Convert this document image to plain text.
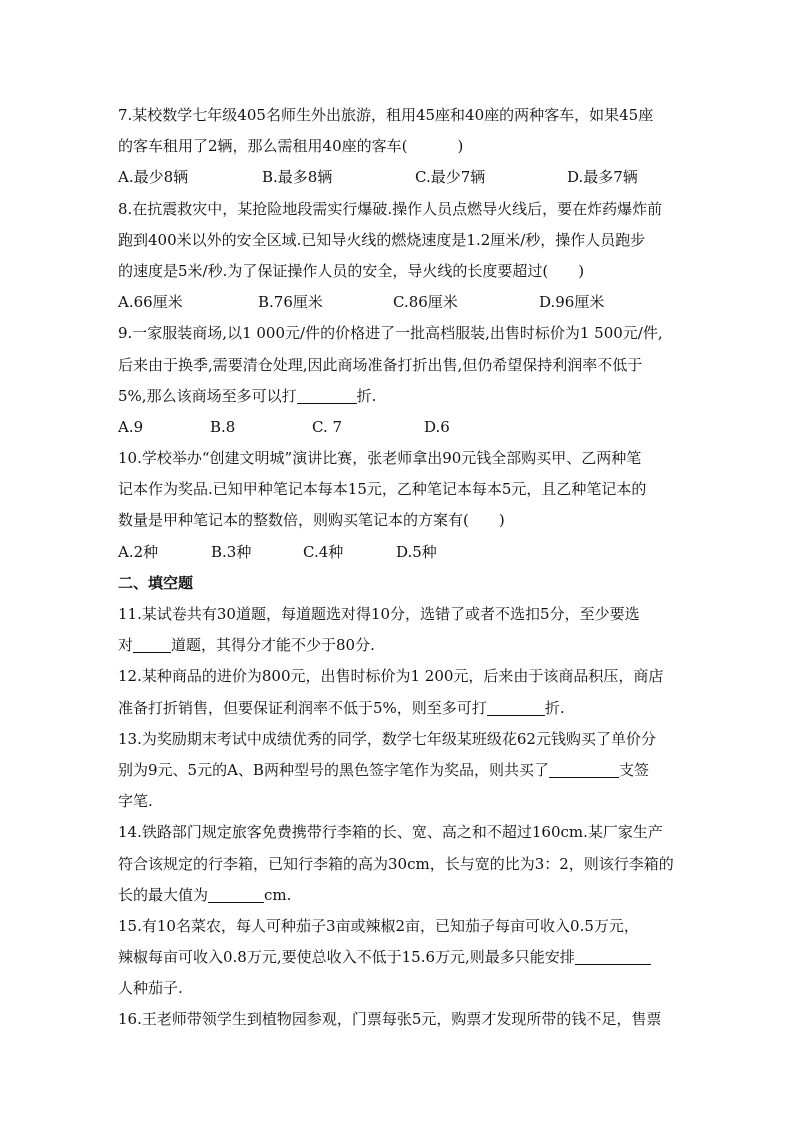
7.某校数学七年级405名师生外出旅游，租用45座和40座的两种客车，如果45座
的客车租用了2辆，那么需租用40座的客车(	)
A.最少8辆	B.最多8辆	C.最少7辆	D.最多7辆
8.在抗震救灾中，某抢险地段需实行爆破.操作人员点燃导火线后，要在炸药爆炸前
跑到400米以外的安全区域.已知导火线的燃烧速度是1.2厘米/秒，操作人员跑步
的速度是5米/秒.为了保证操作人员的安全，导火线的长度要超过( )
A.66厘米	B.76厘米	C.86厘米	D.96厘米
9.一家服装商场,以1 000元/件的价格进了一批高档服装,出售时标价为1 500元/件,
后来由于换季,需要清仓处理,因此商场准备打折出售,但仍希望保持利润率不低于
5%,那么该商场至多可以打	折.
A.9	B.8	C. 7	D.6
10.学校举办“创建文明城”演讲比赛，张老师拿出90元钱全部购买甲、乙两种笔
记本作为奖品.已知甲种笔记本每本15元，乙种笔记本每本5元，且乙种笔记本的
数量是甲种笔记本的整数倍，则购买笔记本的方案有( )
A.2种	B.3种	C.4种	D.5种
二、填空题
11.某试卷共有30道题，每道题选对得10分，选错了或者不选扣5分，至少要选
对	道题，其得分才能不少于80分.
12.某种商品的进价为800元，出售时标价为1 200元，后来由于该商品积压，商店
准备打折销售，但要保证利润率不低于5%，则至多可打	折.
13.为奖励期末考试中成绩优秀的同学，数学七年级某班级花62元钱购买了单价分
别为9元、5元的A、B两种型号的黑色签字笔作为奖品，则共买了	支签
字笔.
14.铁路部门规定旅客免费携带行李箱的长、宽、高之和不超过160cm.某厂家生产
符合该规定的行李箱，已知行李箱的高为30cm，长与宽的比为3：2，则该行李箱的
长的最大值为	cm.
15.有10名菜农，每人可种茄子3亩或辣椒2亩，已知茄子每亩可收入0.5万元，
辣椒每亩可收入0.8万元,要使总收入不低于15.6万元,则最多只能安排
人种茄子.
16.王老师带领学生到植物园参观，门票每张5元，购票才发现所带的钱不足，售票
